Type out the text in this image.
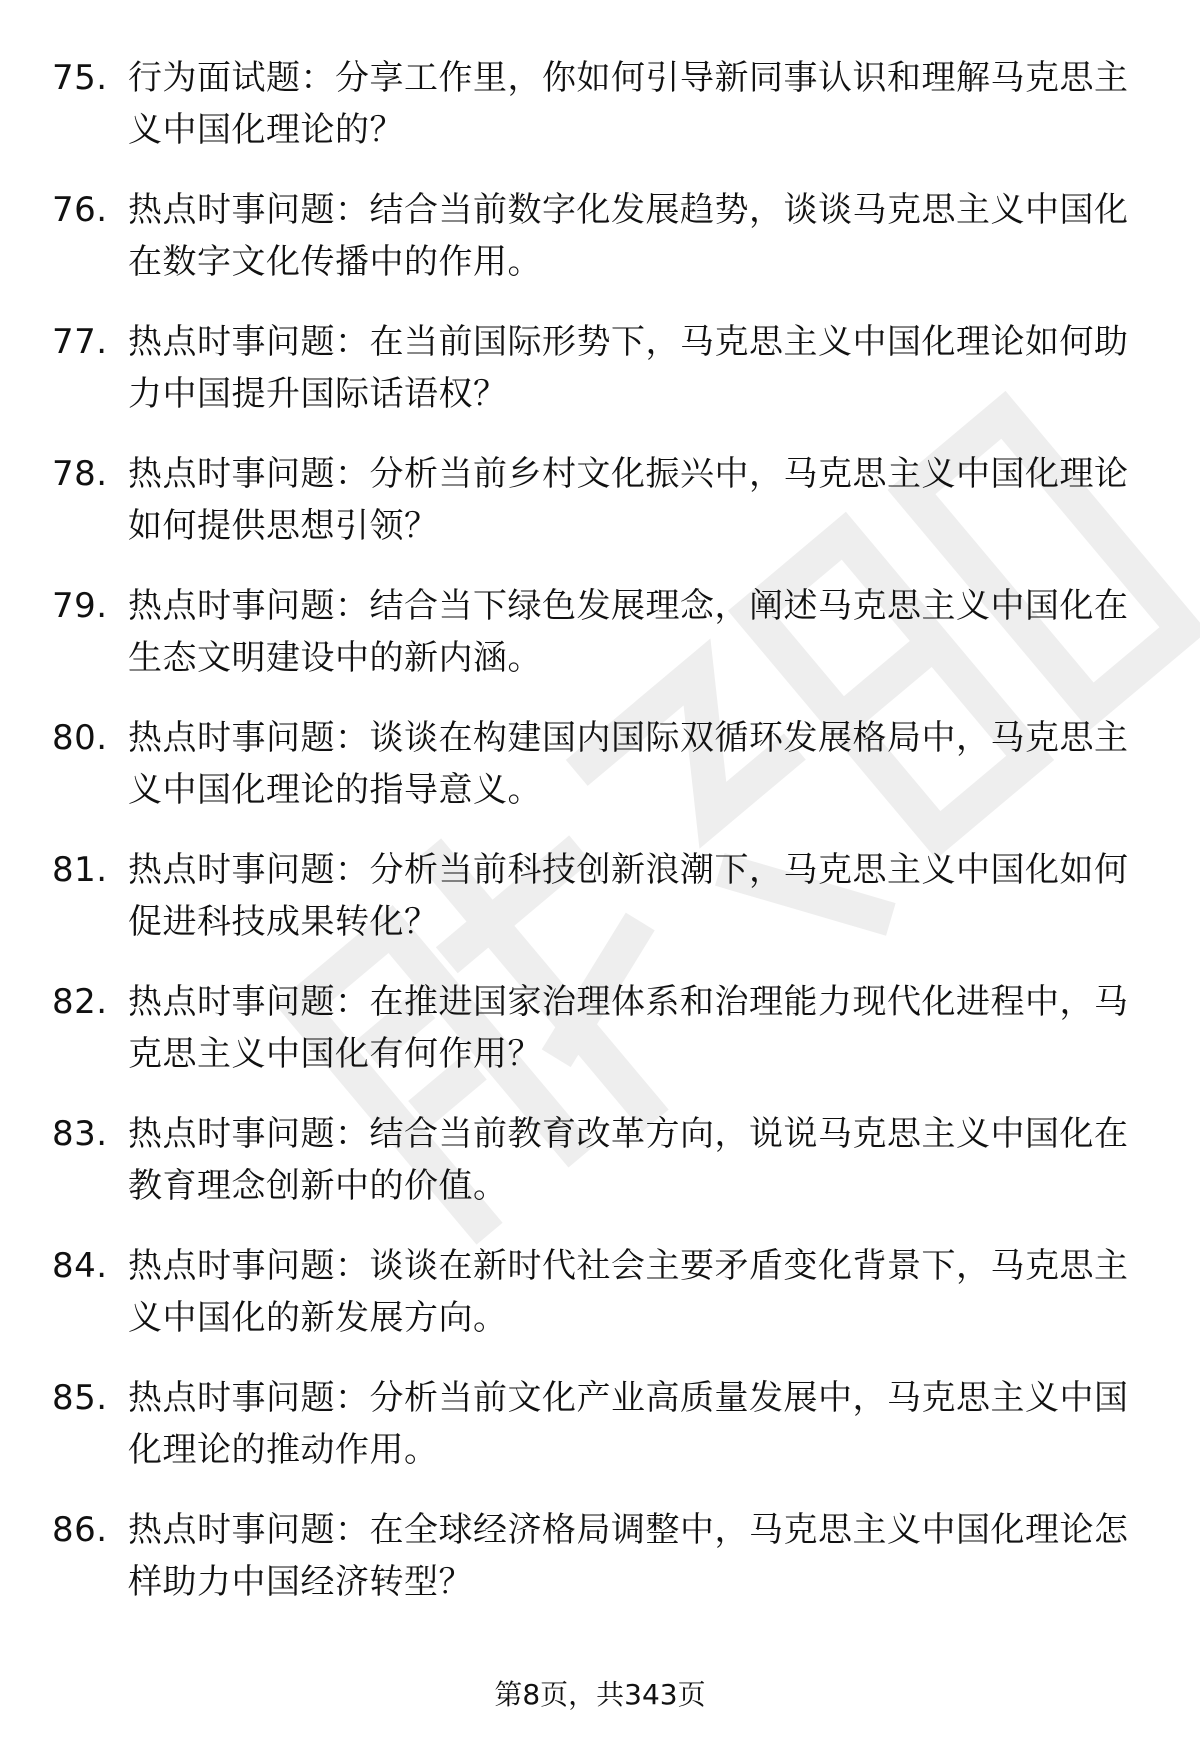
75. 行为面试题：分享工作里，你如何引导新同事认识和理解马克思主义中国化理论的？
76. 热点时事问题：结合当前数字化发展趋势，谈谈马克思主义中国化在数字文化传播中的作用。
77. 热点时事问题：在当前国际形势下，马克思主义中国化理论如何助力中国提升国际话语权？
78. 热点时事问题：分析当前乡村文化振兴中，马克思主义中国化理论如何提供思想引领？
79. 热点时事问题：结合当下绿色发展理念，阐述马克思主义中国化在生态文明建设中的新内涵。
80. 热点时事问题：谈谈在构建国内国际双循环发展格局中，马克思主义中国化理论的指导意义。
81. 热点时事问题：分析当前科技创新浪潮下，马克思主义中国化如何促进科技成果转化？
82. 热点时事问题：在推进国家治理体系和治理能力现代化进程中，马克思主义中国化有何作用？
83. 热点时事问题：结合当前教育改革方向，说说马克思主义中国化在教育理念创新中的价值。
84. 热点时事问题：谈谈在新时代社会主要矛盾变化背景下，马克思主义中国化的新发展方向。
85. 热点时事问题：分析当前文化产业高质量发展中，马克思主义中国化理论的推动作用。
86. 热点时事问题：在全球经济格局调整中，马克思主义中国化理论怎样助力中国经济转型？
第8页，共343页
